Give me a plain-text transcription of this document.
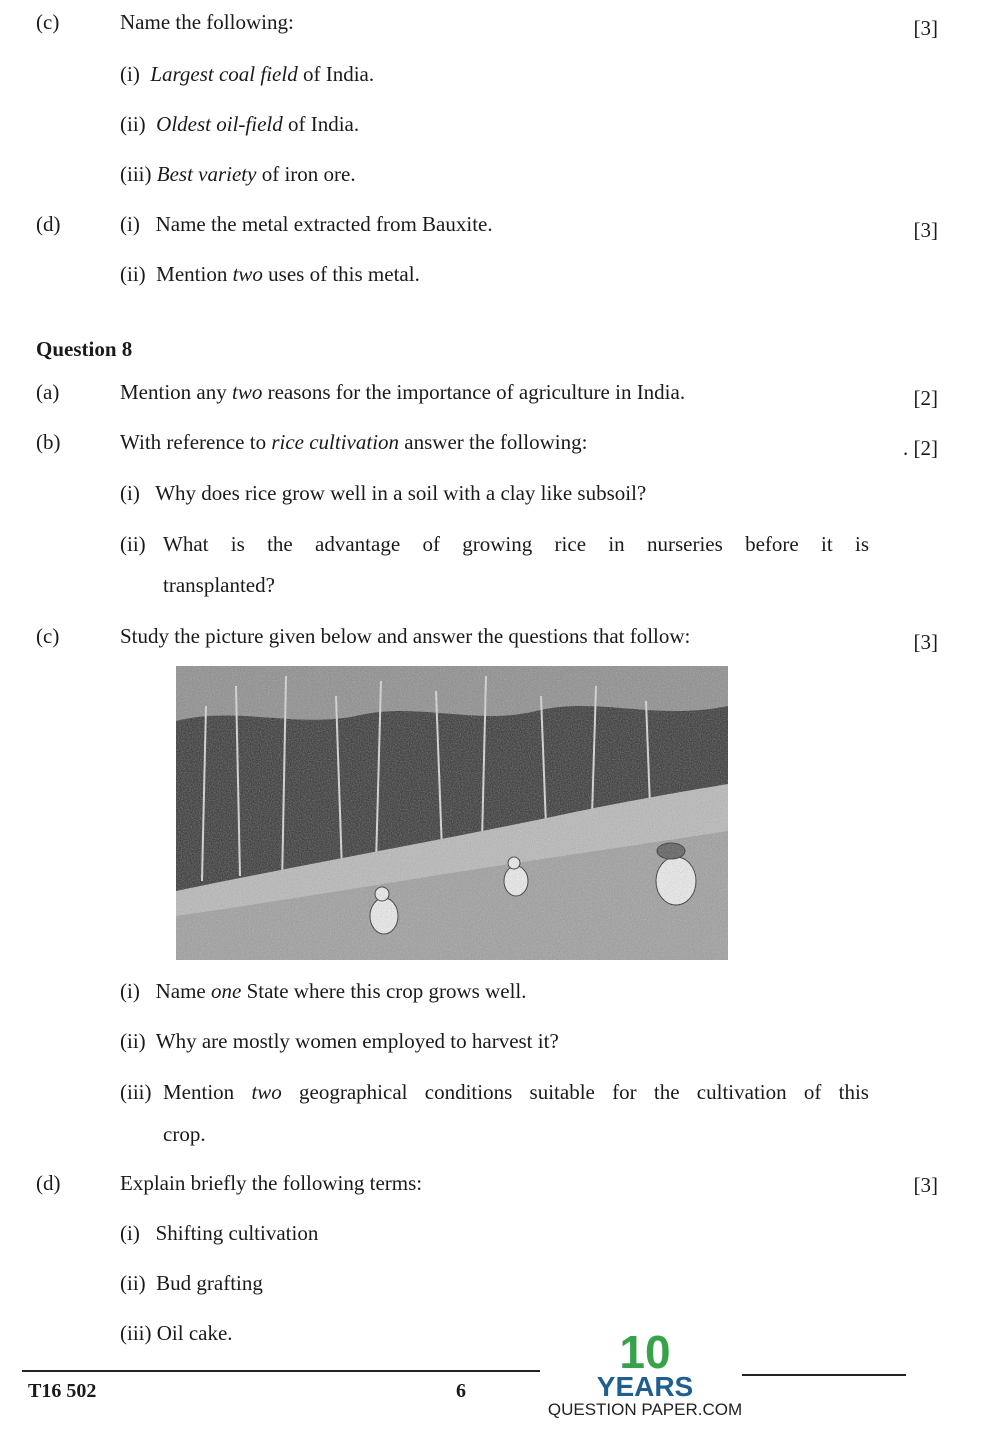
(c)	Name the following:	[3]
(i) Largest coal field of India.
(ii) Oldest oil-field of India.
(iii) Best variety of iron ore.
(d)	(i) Name the metal extracted from Bauxite.	[3]
(ii) Mention two uses of this metal.
Question 8
(a)	Mention any two reasons for the importance of agriculture in India.	[2]
(b)	With reference to rice cultivation answer the following:	. [2]
(i) Why does rice grow well in a soil with a clay like subsoil?
(ii) What is the advantage of growing rice in nurseries before it is
transplanted?
(c)	Study the picture given below and answer the questions that follow:	[3]
(i) Name one State where this crop grows well.
(ii) Why are mostly women employed to harvest it?
(iii) Mention two geographical conditions suitable for the cultivation of this
crop.
(d)	Explain briefly the following terms:	[3]
(i) Shifting cultivation
(ii) Bud grafting
(iii) Oil cake.
T16 502	6
10
YEARS
QUESTION PAPER.COM
